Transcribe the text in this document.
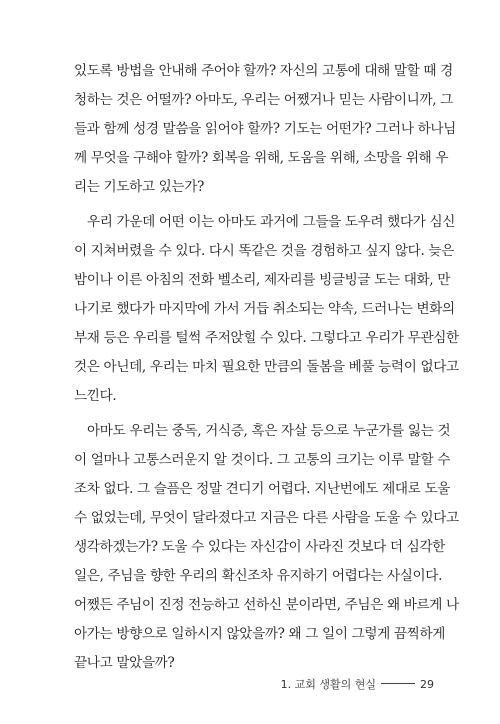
있도록 방법을 안내해 주어야 할까? 자신의 고통에 대해 말할 때 경
청하는 것은 어떨까? 아마도, 우리는 어쨌거나 믿는 사람이니까, 그
들과 함께 성경 말씀을 읽어야 할까? 기도는 어떤가? 그러나 하나님
께 무엇을 구해야 할까? 회복을 위해, 도움을 위해, 소망을 위해 우
리는 기도하고 있는가?
우리 가운데 어떤 이는 아마도 과거에 그들을 도우려 했다가 심신
이 지쳐버렸을 수 있다. 다시 똑같은 것을 경험하고 싶지 않다. 늦은
밤이나 이른 아침의 전화 벨소리, 제자리를 빙글빙글 도는 대화, 만
나기로 했다가 마지막에 가서 거듭 취소되는 약속, 드러나는 변화의
부재 등은 우리를 털썩 주저앉힐 수 있다. 그렇다고 우리가 무관심한
것은 아닌데, 우리는 마치 필요한 만큼의 돌봄을 베풀 능력이 없다고
느낀다.
아마도 우리는 중독, 거식증, 혹은 자살 등으로 누군가를 잃는 것
이 얼마나 고통스러운지 알 것이다. 그 고통의 크기는 이루 말할 수
조차 없다. 그 슬픔은 정말 견디기 어렵다. 지난번에도 제대로 도울
수 없었는데, 무엇이 달라졌다고 지금은 다른 사람을 도울 수 있다고
생각하겠는가? 도울 수 있다는 자신감이 사라진 것보다 더 심각한
일은, 주님을 향한 우리의 확신조차 유지하기 어렵다는 사실이다.
어쨌든 주님이 진정 전능하고 선하신 분이라면, 주님은 왜 바르게 나
아가는 방향으로 일하시지 않았을까? 왜 그 일이 그렇게 끔찍하게
끝나고 말았을까?
1. 교회 생활의 현실	29
